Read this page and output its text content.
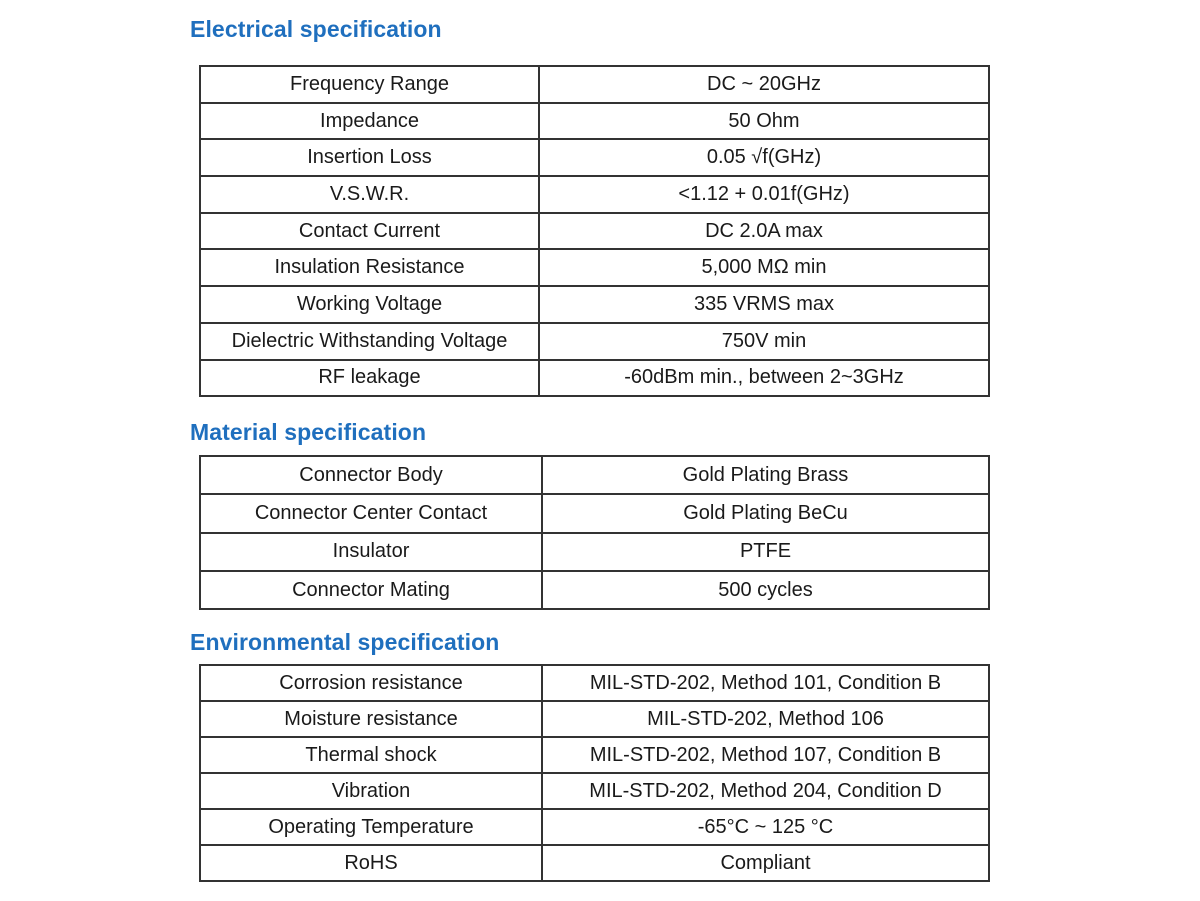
Electrical specification
Frequency Range	DC ~ 20GHz
Impedance	50 Ohm
Insertion Loss	0.05 √f(GHz)
V.S.W.R.	<1.12 + 0.01f(GHz)
Contact Current	DC 2.0A max
Insulation Resistance	5,000 MΩ min
Working Voltage	335 VRMS max
Dielectric Withstanding Voltage	750V min
RF leakage	-60dBm min., between 2~3GHz
Material specification
Connector Body	Gold Plating Brass
Connector Center Contact	Gold Plating BeCu
Insulator	PTFE
Connector Mating	500 cycles
Environmental specification
Corrosion resistance	MIL-STD-202, Method 101, Condition B
Moisture resistance	MIL-STD-202, Method 106
Thermal shock	MIL-STD-202, Method 107, Condition B
Vibration	MIL-STD-202, Method 204, Condition D
Operating Temperature	-65°C ~ 125 °C
RoHS	Compliant
